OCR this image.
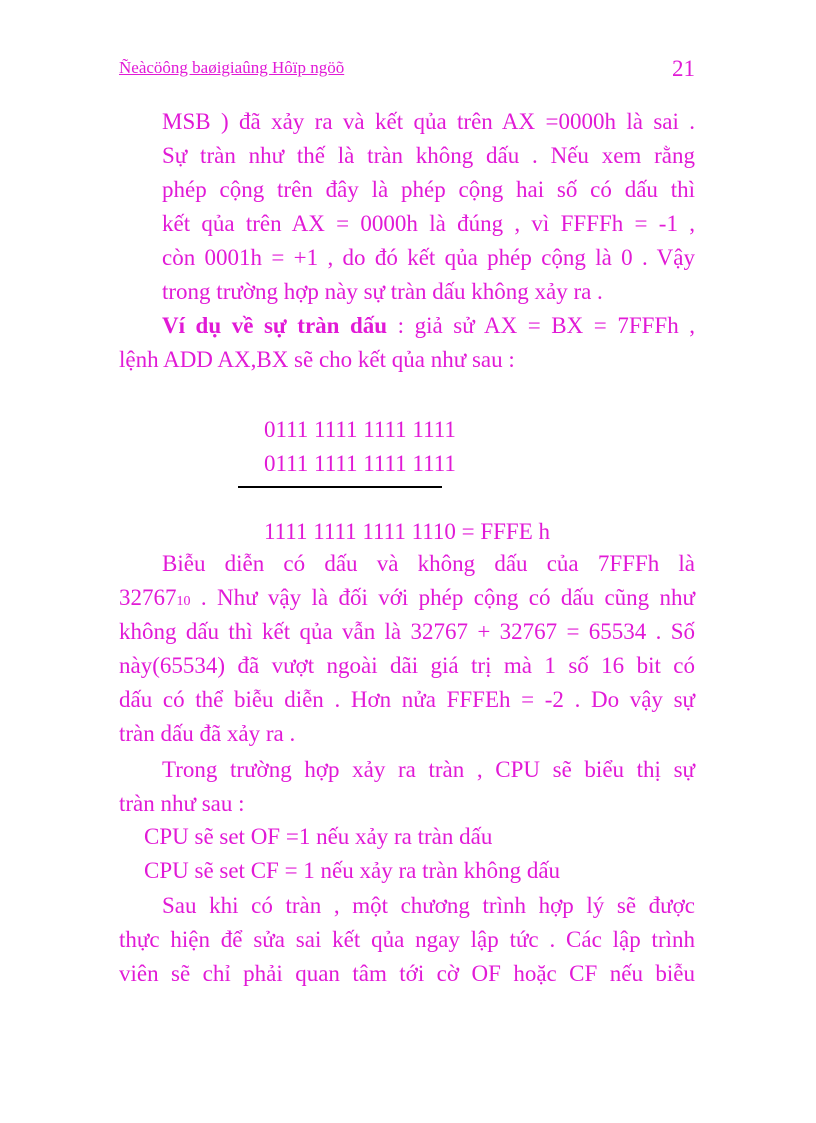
Ñeàcöông baøigiaûng Hôïp ngöõ	21
MSB ) đã xảy ra và kết qủa trên AX =0000h là sai .
Sự tràn như thế là tràn không dấu . Nếu xem rằng
phép cộng trên đây là phép cộng hai số có dấu thì
kết qủa trên AX = 0000h là đúng , vì FFFFh = -1 ,
còn 0001h = +1 , do đó kết qủa phép cộng là 0 . Vậy
trong trường hợp này sự tràn dấu không xảy ra .
Ví dụ về sự tràn dấu : giả sử AX = BX = 7FFFh ,
lệnh ADD AX,BX sẽ cho kết qủa như sau :
0111 1111 1111 1111
0111 1111 1111 1111
1111 1111 1111 1110 = FFFE h
Biễu diễn có dấu và không dấu của 7FFFh là
3276710 . Như vậy là đối với phép cộng có dấu cũng như
không dấu thì kết qủa vẫn là 32767 + 32767 = 65534 . Số
này(65534) đã vượt ngoài dãi giá trị mà 1 số 16 bit có
dấu có thể biễu diễn . Hơn nửa FFFEh = -2 . Do vậy sự
tràn dấu đã xảy ra .
Trong trường hợp xảy ra tràn , CPU sẽ biểu thị sự
tràn như sau :
CPU sẽ set OF =1 nếu xảy ra tràn dấu
CPU sẽ set CF = 1 nếu xảy ra tràn không dấu
Sau khi có tràn , một chương trình hợp lý sẽ được
thực hiện để sửa sai kết qủa ngay lập tức . Các lập trình
viên sẽ chỉ phải quan tâm tới cờ OF hoặc CF nếu biễu
